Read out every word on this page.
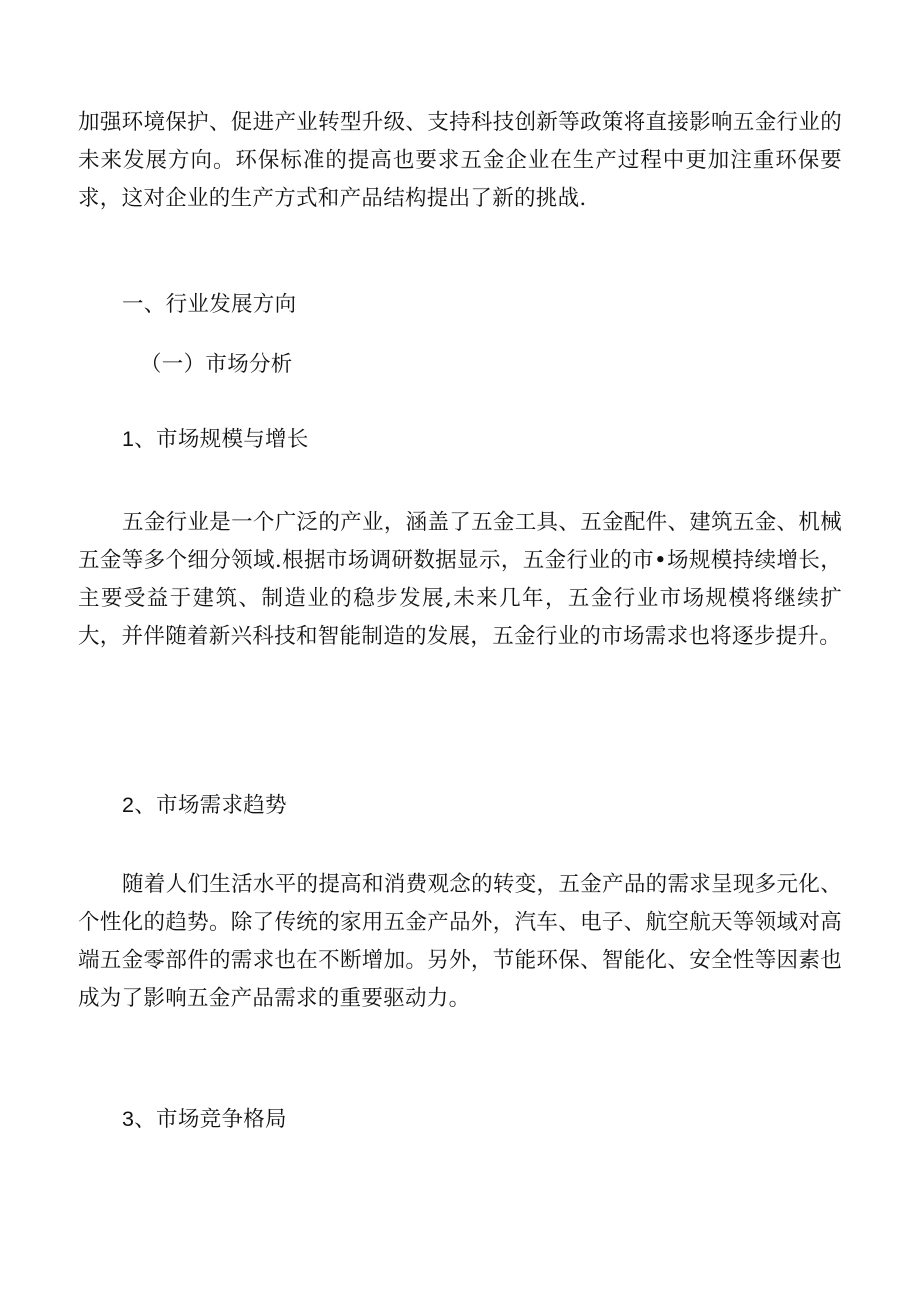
加强环境保护、促进产业转型升级、支持科技创新等政策将直接影响五金行业的未来发展方向。环保标准的提高也要求五金企业在生产过程中更加注重环保要求，这对企业的生产方式和产品结构提出了新的挑战.

一、行业发展方向
（一）市场分析
1、市场规模与增长

五金行业是一个广泛的产业，涵盖了五金工具、五金配件、建筑五金、机械五金等多个细分领域.根据市场调研数据显示，五金行业的市•场规模持续增长，主要受益于建筑、制造业的稳步发展,未来几年，五金行业市场规模将继续扩大，并伴随着新兴科技和智能制造的发展，五金行业的市场需求也将逐步提升。

2、市场需求趋势

随着人们生活水平的提高和消费观念的转变，五金产品的需求呈现多元化、个性化的趋势。除了传统的家用五金产品外，汽车、电子、航空航天等领域对高端五金零部件的需求也在不断增加。另外，节能环保、智能化、安全性等因素也成为了影响五金产品需求的重要驱动力。

3、市场竞争格局
